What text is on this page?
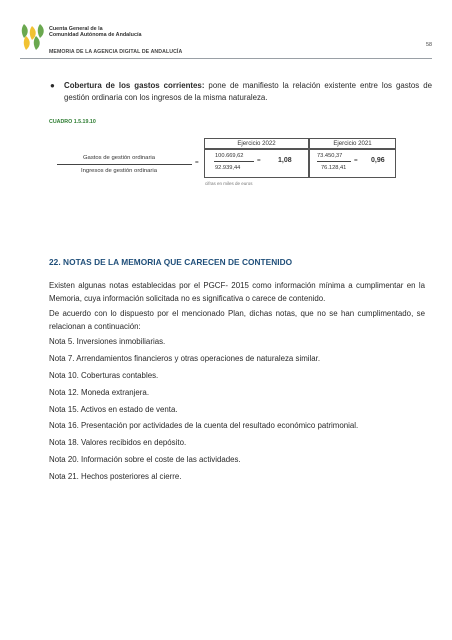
Cuenta General de la
Comunidad Autónoma de Andalucía
MEMORIA DE LA AGENCIA DIGITAL DE ANDALUCÍA
58
● Cobertura de los gastos corrientes: pone de manifiesto la relación existente entre los gastos de gestión ordinaria con los ingresos de la misma naturaleza.
CUADRO 1.5.19.10
Ejercicio 2022	Ejercicio 2021
Gastos de gestión ordinaria
Ingresos de gestión ordinaria
=
100.669,62
92.939,44
= 1,08
73.450,37
76.128,41
= 0,96
cifras en miles de euros
22. NOTAS DE LA MEMORIA QUE CARECEN DE CONTENIDO
Existen algunas notas establecidas por el PGCF- 2015 como información mínima a cumplimentar en la Memoria, cuya información solicitada no es significativa o carece de contenido.
De acuerdo con lo dispuesto por el mencionado Plan, dichas notas, que no se han cumplimentado, se relacionan a continuación:
Nota 5. Inversiones inmobiliarias.
Nota 7. Arrendamientos financieros y otras operaciones de naturaleza similar.
Nota 10. Coberturas contables.
Nota 12. Moneda extranjera.
Nota 15. Activos en estado de venta.
Nota 16. Presentación por actividades de la cuenta del resultado económico patrimonial.
Nota 18. Valores recibidos en depósito.
Nota 20. Información sobre el coste de las actividades.
Nota 21. Hechos posteriores al cierre.
